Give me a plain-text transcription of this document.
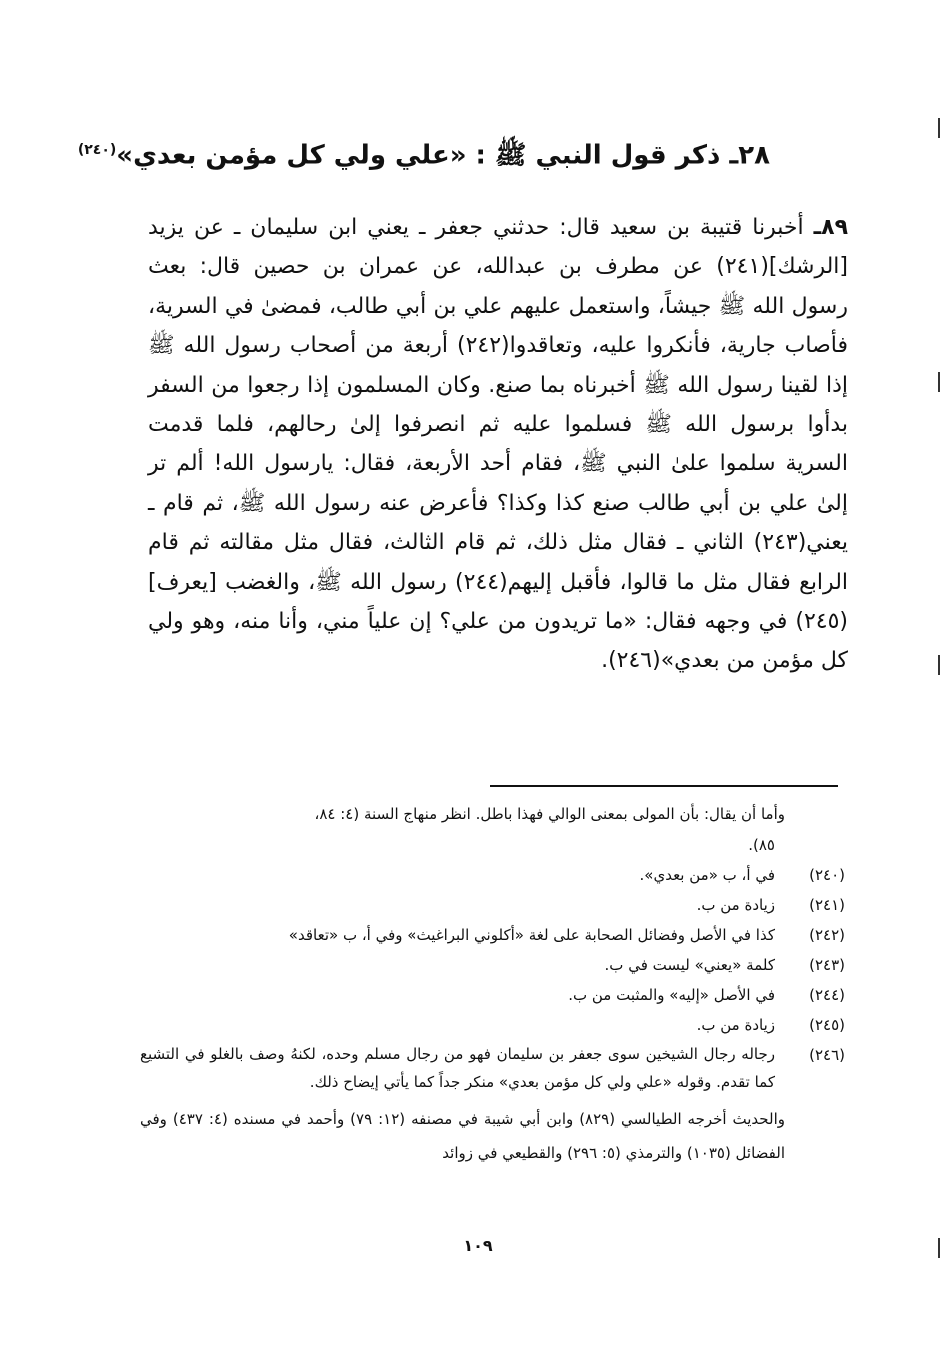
٢٨ـ ذكر قول النبي ﷺ : «علي ولي كل مؤمن بعدي»$^{(٢٤٠)}$
٨٩ـ أخبرنا قتيبة بن سعيد قال: حدثني جعفر ـ يعني ابن سليمان ـ عن يزيد [الرشك](٢٤١) عن مطرف بن عبدالله، عن عمران بن حصين قال: بعث رسول الله ﷺ جيشاً، واستعمل عليهم علي بن أبي طالب، فمضىٰ في السرية، فأصاب جارية، فأنكروا عليه، وتعاقدوا(٢٤٢) أربعة من أصحاب رسول الله ﷺ إذا لقينا رسول الله ﷺ أخبرناه بما صنع. وكان المسلمون إذا رجعوا من السفر بدأوا برسول الله ﷺ فسلموا عليه ثم انصرفوا إلىٰ رحالهم، فلما قدمت السرية سلموا علىٰ النبي ﷺ، فقام أحد الأربعة، فقال: يارسول الله! ألم تر إلىٰ علي بن أبي طالب صنع كذا وكذا؟ فأعرض عنه رسول الله ﷺ، ثم قام ـ يعني(٢٤٣) الثاني ـ فقال مثل ذلك، ثم قام الثالث، فقال مثل مقالته ثم قام الرابع فقال مثل ما قالوا، فأقبل إليهم(٢٤٤) رسول الله ﷺ، والغضب [يعرف](٢٤٥) في وجهه فقال: «ما تريدون من علي؟ إن علياً مني، وأنا منه، وهو ولي كل مؤمن من بعدي»(٢٤٦).
وأما أن يقال: بأن المولى بمعنى الوالي فهذا باطل. انظر منهاج السنة (٤: ٨٤،
٨٥).
(٢٤٠)
في أ، ب «من بعدي».
(٢٤١)
زيادة من ب.
(٢٤٢)
كذا في الأصل وفضائل الصحابة على لغة «أكلوني البراغيث» وفي أ، ب «تعاقد»
(٢٤٣)
كلمة «يعني» ليست في ب.
(٢٤٤)
في الأصل «إليه» والمثبت من ب.
(٢٤٥)
زيادة من ب.
(٢٤٦)
رجاله رجال الشيخين سوى جعفر بن سليمان فهو من رجال مسلم وحده، لكنهُ وصف بالغلو في التشيع كما تقدم. وقوله «علي ولي كل مؤمن بعدي» منكر جداً كما يأتي إيضاح ذلك.
والحديث أخرجه الطيالسي (٨٢٩) وابن أبي شيبة في مصنفه (١٢: ٧٩) وأحمد في مسنده (٤: ٤٣٧) وفي الفضائل (١٠٣٥) والترمذي (٥: ٢٩٦) والقطيعي في زوائد
١٠٩
